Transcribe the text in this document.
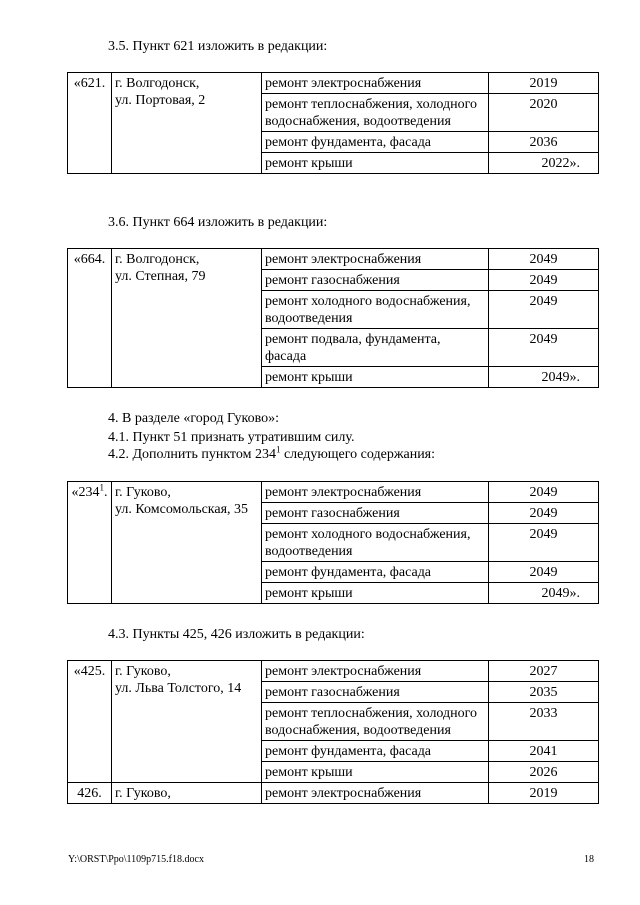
3.5. Пункт 621 изложить в редакции:
«621.	г. Волгодонск,
ул. Портовая, 2	ремонт электроснабжения	2019
		ремонт теплоснабжения, холодного водоснабжения, водоотведения	2020
		ремонт фундамента, фасада	2036
		ремонт крыши	2022».
3.6. Пункт 664 изложить в редакции:
«664.	г. Волгодонск,
ул. Степная, 79	ремонт электроснабжения	2049
		ремонт газоснабжения	2049
		ремонт холодного водоснабжения, водоотведения	2049
		ремонт подвала, фундамента, фасада	2049
		ремонт крыши	2049».
4. В разделе «город Гуково»:
4.1. Пункт 51 признать утратившим силу.
4.2. Дополнить пунктом $234^1$ следующего содержания:
«$234^1$.	г. Гуково,
ул. Комсомольская, 35	ремонт электроснабжения	2049
		ремонт газоснабжения	2049
		ремонт холодного водоснабжения, водоотведения	2049
		ремонт фундамента, фасада	2049
		ремонт крыши	2049».
4.3. Пункты 425, 426 изложить в редакции:
«425.	г. Гуково,
ул. Льва Толстого, 14	ремонт электроснабжения	2027
		ремонт газоснабжения	2035
		ремонт теплоснабжения, холодного водоснабжения, водоотведения	2033
		ремонт фундамента, фасада	2041
		ремонт крыши	2026
426.	г. Гуково,	ремонт электроснабжения	2019
Y:\ORST\Ppo\1109p715.f18.docx	18
